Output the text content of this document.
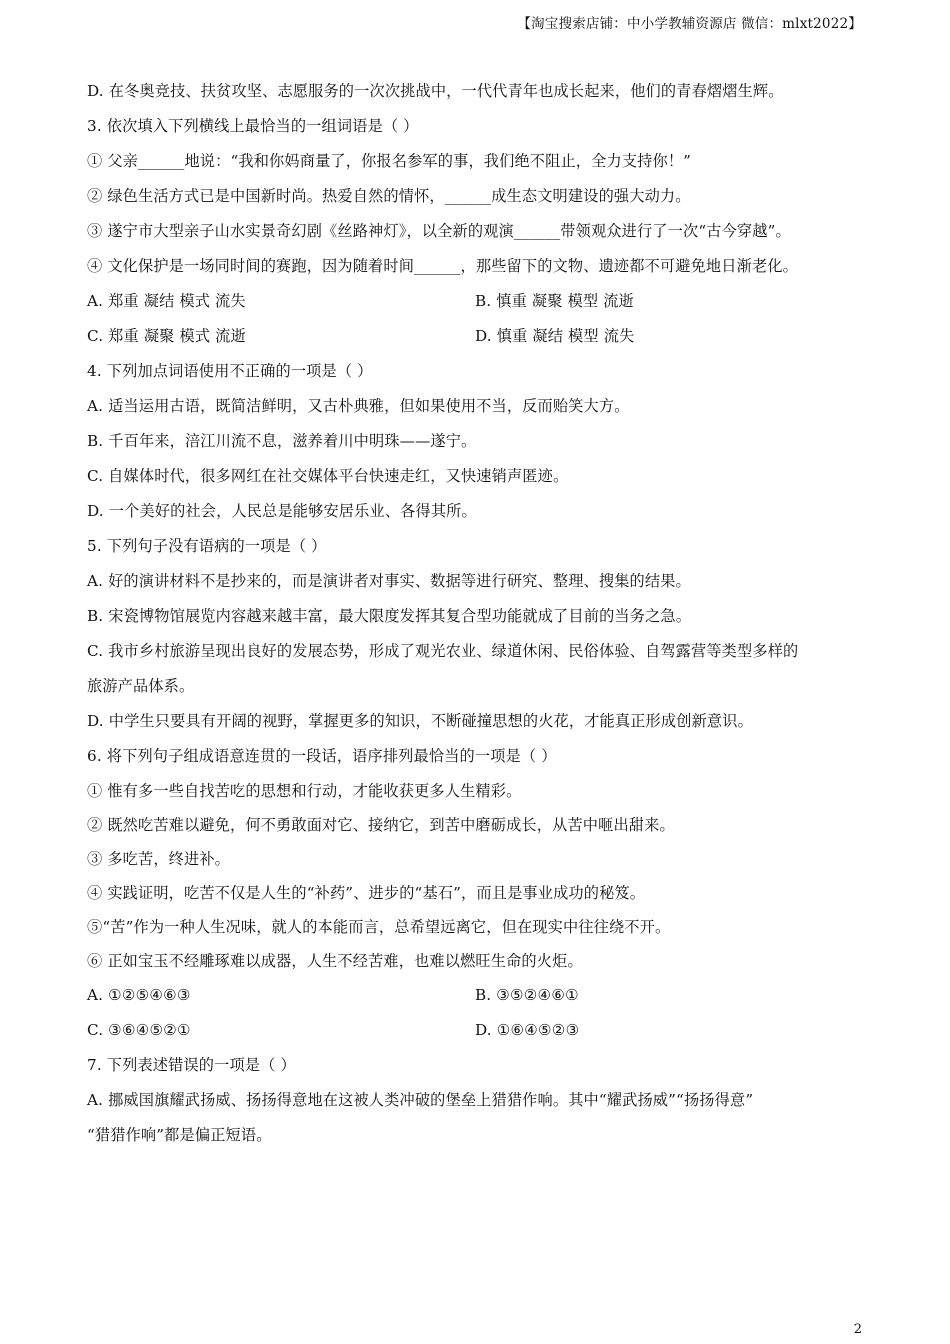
【淘宝搜索店铺：中小学教辅资源店 微信：mlxt2022】
D. 在冬奥竞技、扶贫攻坚、志愿服务的一次次挑战中，一代代青年也成长起来，他们的青春熠熠生辉。
3. 依次填入下列横线上最恰当的一组词语是（ ）
① 父亲______地说：“我和你妈商量了，你报名参军的事，我们绝不阻止，全力支持你！”
② 绿色生活方式已是中国新时尚。热爱自然的情怀，______成生态文明建设的强大动力。
③ 遂宁市大型亲子山水实景奇幻剧《丝路神灯》，以全新的观演______带领观众进行了一次“古今穿越”。
④ 文化保护是一场同时间的赛跑，因为随着时间______，那些留下的文物、遗迹都不可避免地日渐老化。
A. 郑重 凝结 模式 流失	B. 慎重 凝聚 模型 流逝
C. 郑重 凝聚 模式 流逝	D. 慎重 凝结 模型 流失
4. 下列加点词语使用不正确的一项是（ ）
A. 适当运用古语，既简洁鲜明，又古朴典雅，但如果使用不当，反而贻笑大方。
B. 千百年来，涪江川流不息，滋养着川中明珠——遂宁。
C. 自媒体时代，很多网红在社交媒体平台快速走红，又快速销声匿迹。
D. 一个美好的社会，人民总是能够安居乐业、各得其所。
5. 下列句子没有语病的一项是（ ）
A. 好的演讲材料不是抄来的，而是演讲者对事实、数据等进行研究、整理、搜集的结果。
B. 宋瓷博物馆展览内容越来越丰富，最大限度发挥其复合型功能就成了目前的当务之急。
C. 我市乡村旅游呈现出良好的发展态势，形成了观光农业、绿道休闲、民俗体验、自驾露营等类型多样的
旅游产品体系。
D. 中学生只要具有开阔的视野，掌握更多的知识，不断碰撞思想的火花，才能真正形成创新意识。
6. 将下列句子组成语意连贯的一段话，语序排列最恰当的一项是（ ）
① 惟有多一些自找苦吃的思想和行动，才能收获更多人生精彩。
② 既然吃苦难以避免，何不勇敢面对它、接纳它，到苦中磨砺成长，从苦中咂出甜来。
③ 多吃苦，终进补。
④ 实践证明，吃苦不仅是人生的“补药”、进步的“基石”，而且是事业成功的秘笈。
⑤“苦”作为一种人生况味，就人的本能而言，总希望远离它，但在现实中往往绕不开。
⑥ 正如宝玉不经雕琢难以成器，人生不经苦难，也难以燃旺生命的火炬。
A. ①②⑤④⑥③	B. ③⑤②④⑥①
C. ③⑥④⑤②①	D. ①⑥④⑤②③
7. 下列表述错误的一项是（ ）
A. 挪威国旗耀武扬威、扬扬得意地在这被人类冲破的堡垒上猎猎作响。其中“耀武扬威”“扬扬得意”
“猎猎作响”都是偏正短语。
2
